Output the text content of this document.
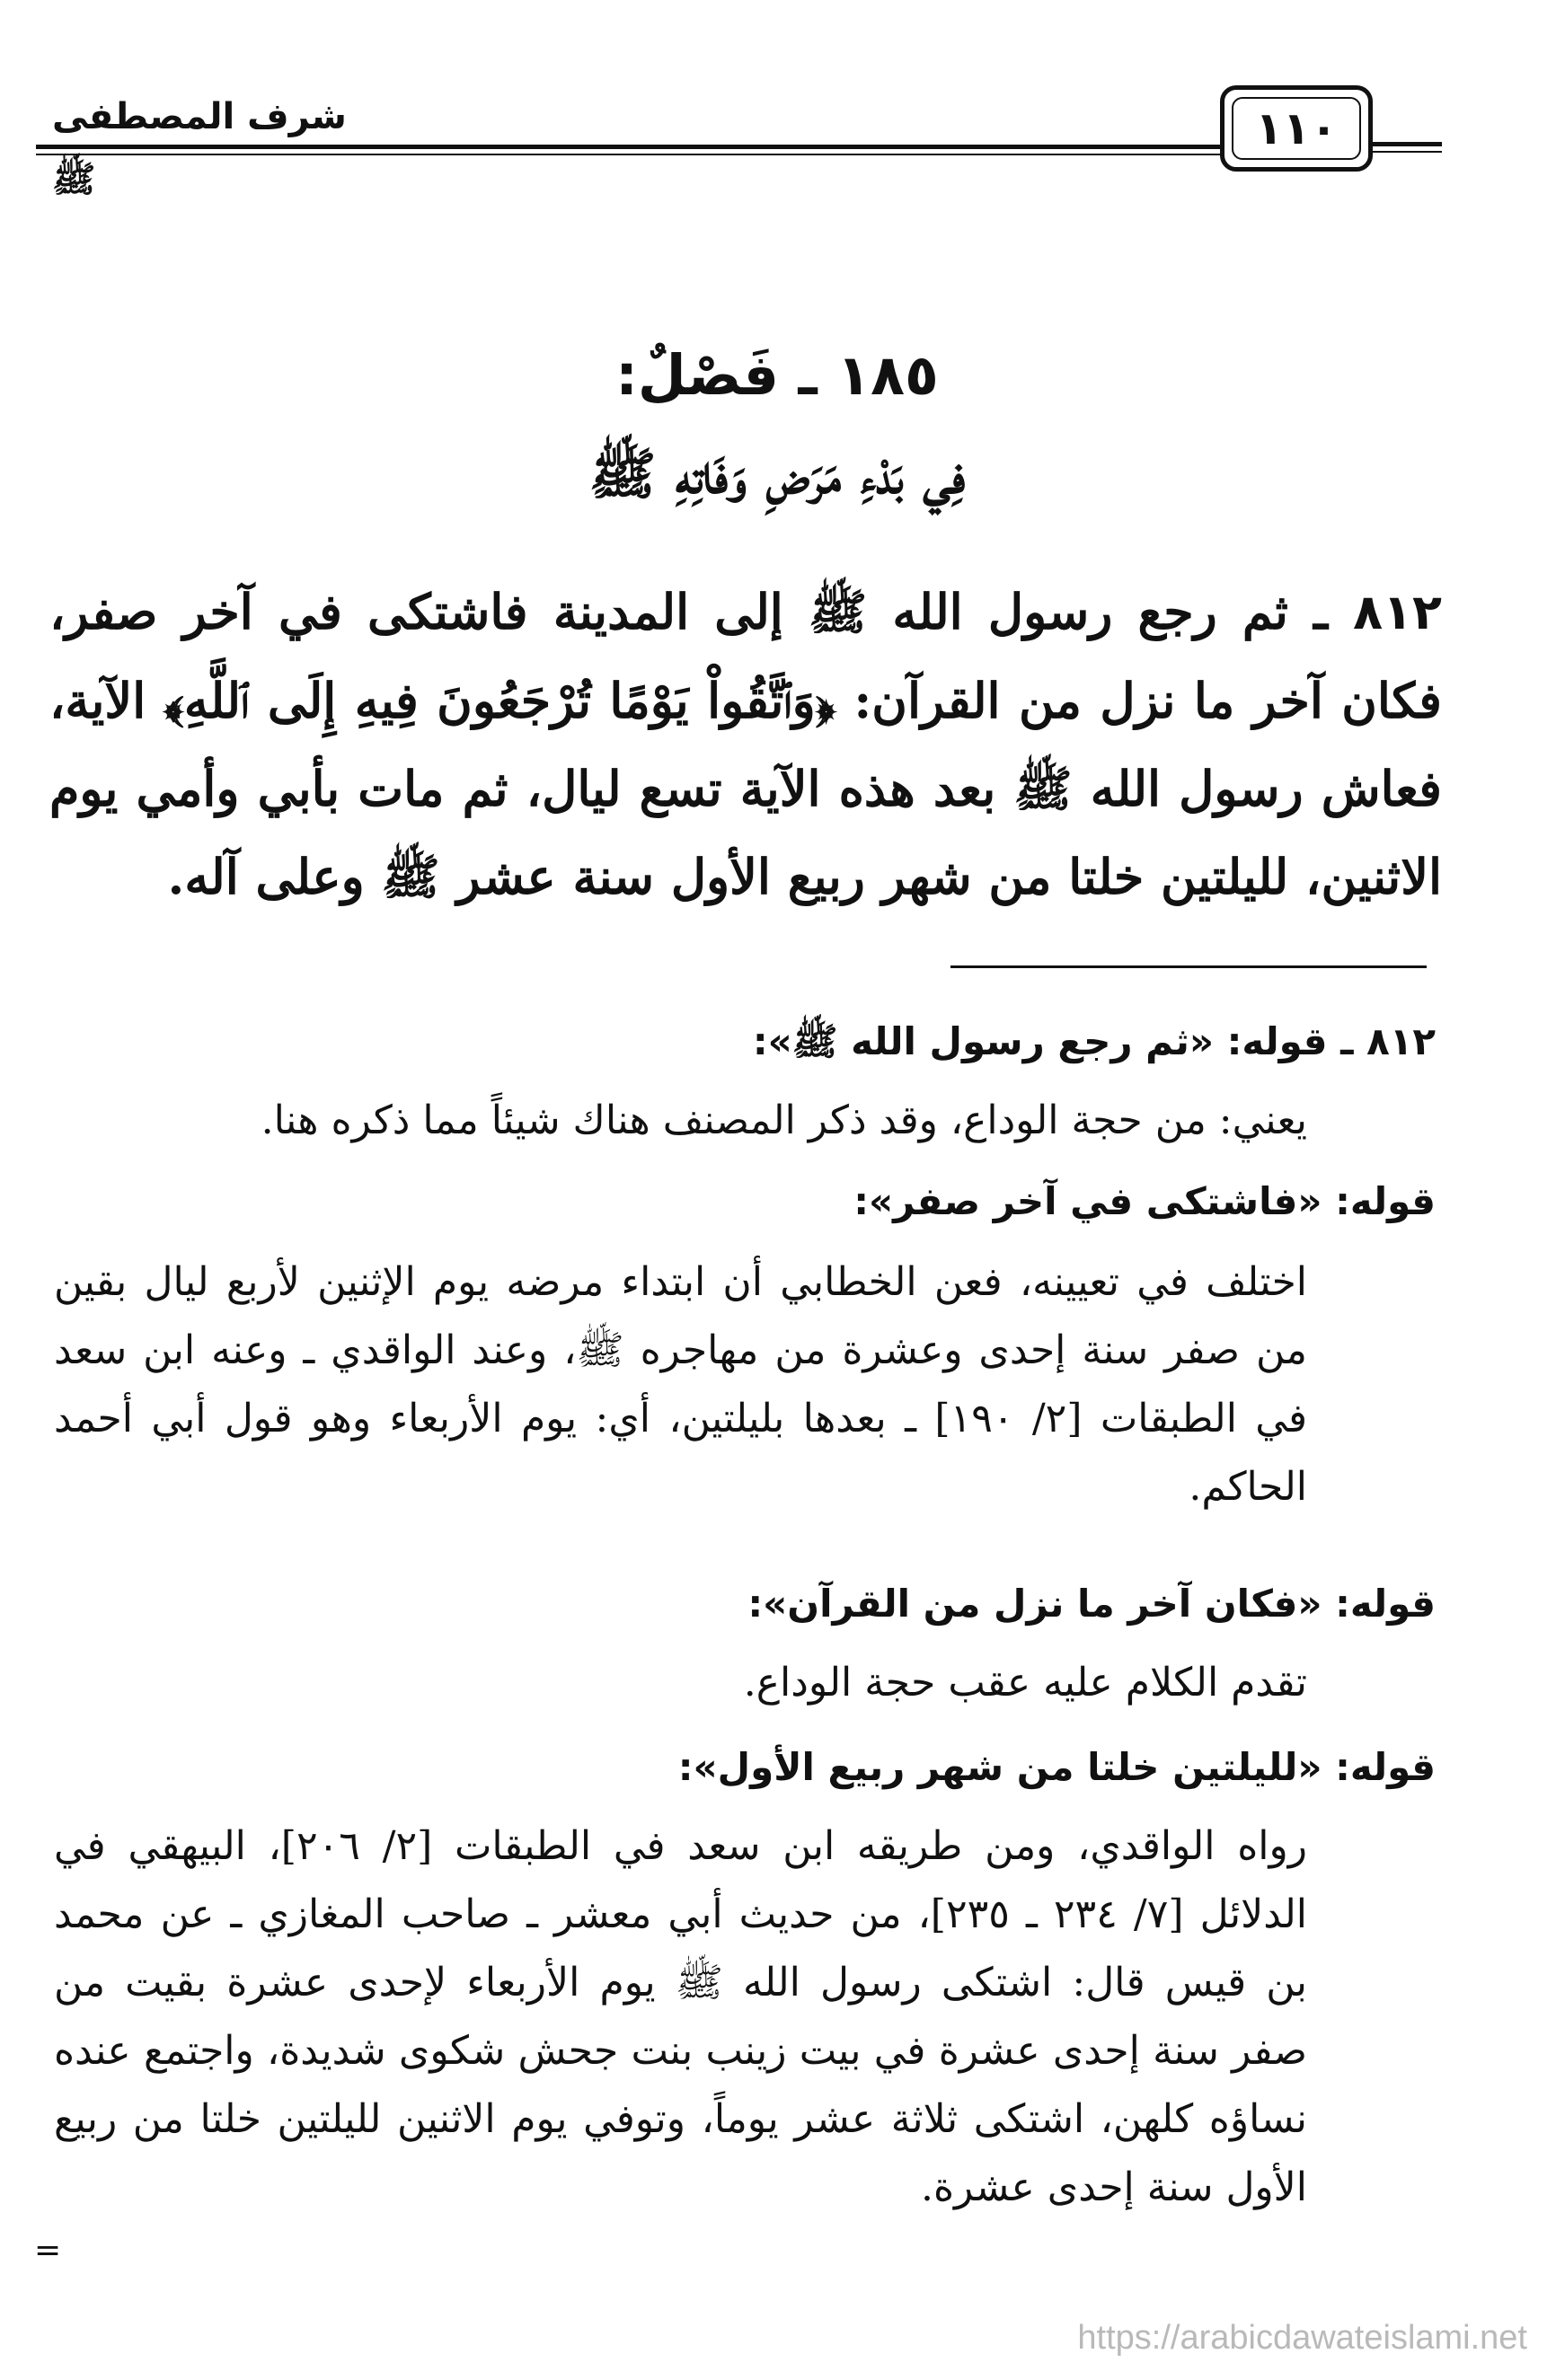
شرف المصطفى ﷺ
١١٠
١٨٥ ـ فَصْلٌ:
فِي بَدْءِ مَرَضِ وَفَاتِهِ ﷺ
٨١٢ ـ ثم رجع رسول الله ﷺ إلى المدينة فاشتكى في آخر صفر، فكان آخر ما نزل من القرآن: ﴿وَٱتَّقُواْ يَوْمًا تُرْجَعُونَ فِيهِ إِلَى ٱللَّهِ﴾ الآية، فعاش رسول الله ﷺ بعد هذه الآية تسع ليال، ثم مات بأبي وأمي يوم الاثنين، لليلتين خلتا من شهر ربيع الأول سنة عشر ﷺ وعلى آله.
٨١٢ ـ قوله: «ثم رجع رسول الله ﷺ»:
يعني: من حجة الوداع، وقد ذكر المصنف هناك شيئاً مما ذكره هنا.
قوله: «فاشتكى في آخر صفر»:
اختلف في تعيينه، فعن الخطابي أن ابتداء مرضه يوم الإثنين لأربع ليال بقين من صفر سنة إحدى وعشرة من مهاجره ﷺ، وعند الواقدي ـ وعنه ابن سعد في الطبقات [٢/ ١٩٠] ـ بعدها بليلتين، أي: يوم الأربعاء وهو قول أبي أحمد الحاكم.
قوله: «فكان آخر ما نزل من القرآن»:
تقدم الكلام عليه عقب حجة الوداع.
قوله: «لليلتين خلتا من شهر ربيع الأول»:
رواه الواقدي، ومن طريقه ابن سعد في الطبقات [٢/ ٢٠٦]، البيهقي في الدلائل [٧/ ٢٣٤ ـ ٢٣٥]، من حديث أبي معشر ـ صاحب المغازي ـ عن محمد بن قيس قال: اشتكى رسول الله ﷺ يوم الأربعاء لإحدى عشرة بقيت من صفر سنة إحدى عشرة في بيت زينب بنت جحش شكوى شديدة، واجتمع عنده نساؤه كلهن، اشتكى ثلاثة عشر يوماً، وتوفي يوم الاثنين لليلتين خلتا من ربيع الأول سنة إحدى عشرة.
=
https://arabicdawateislami.net
